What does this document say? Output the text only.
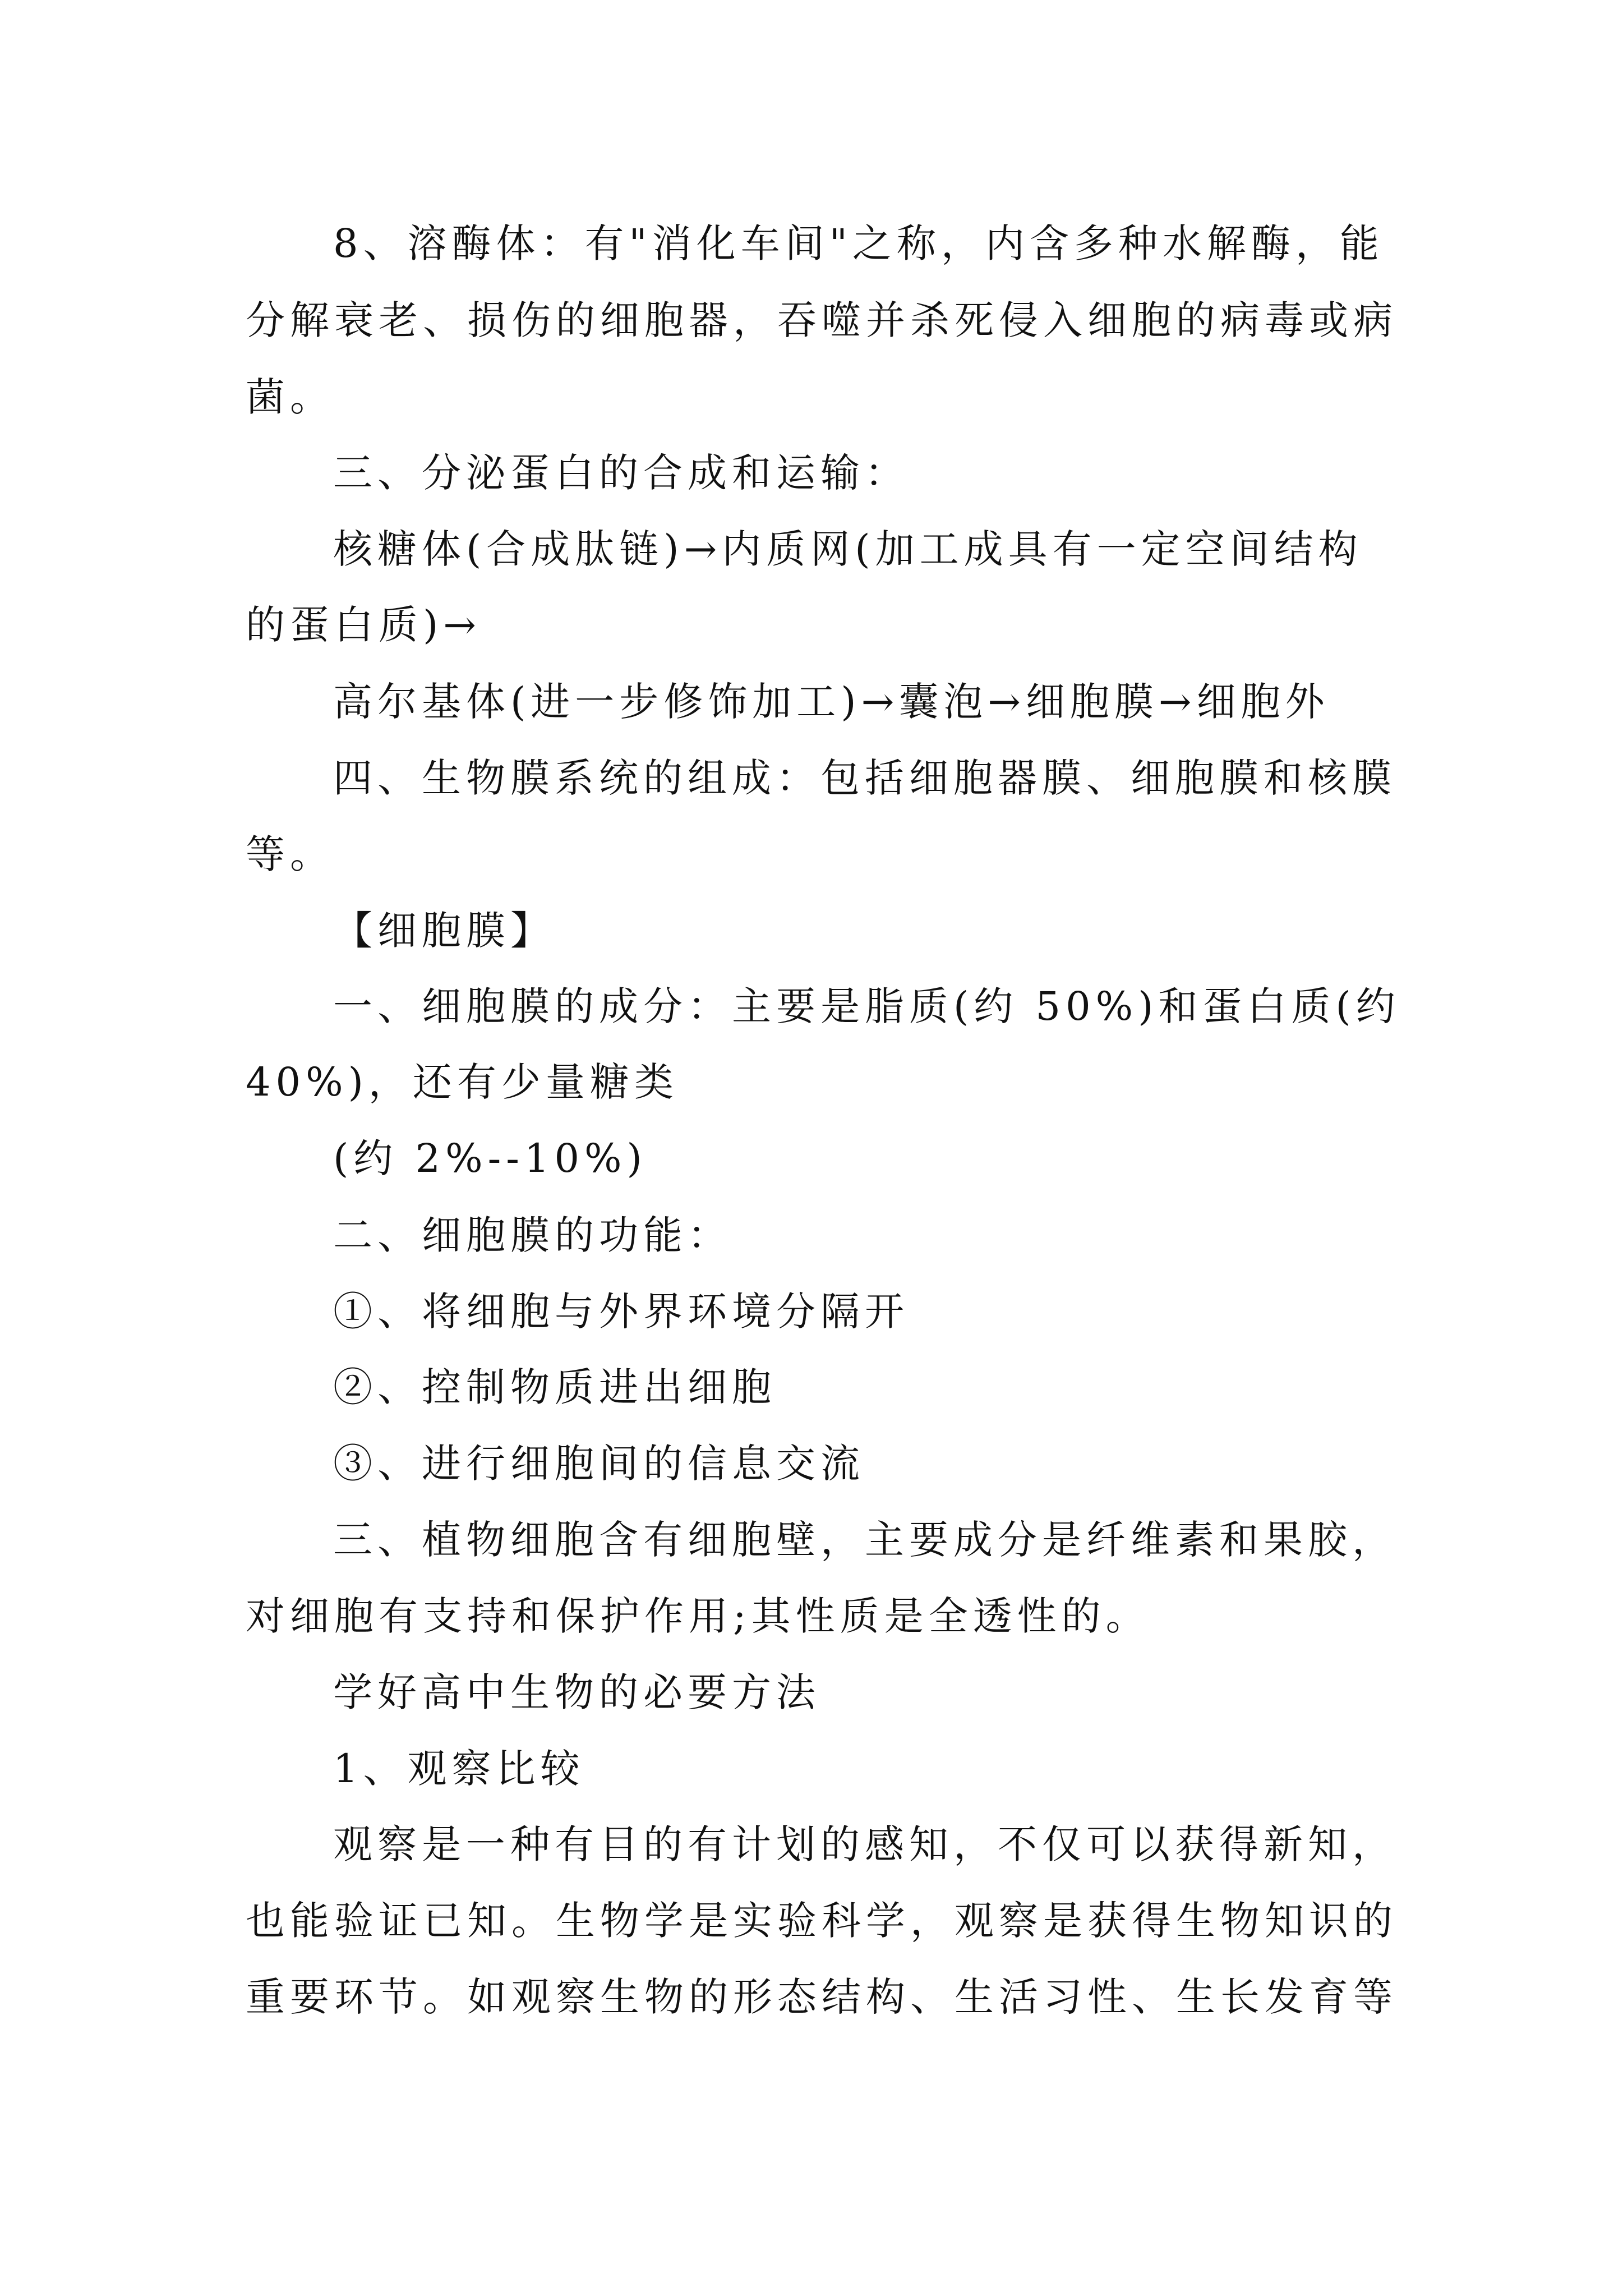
8、溶酶体：有"消化车间"之称，内含多种水解酶，能
分解衰老、损伤的细胞器，吞噬并杀死侵入细胞的病毒或病
菌。
三、分泌蛋白的合成和运输：
核糖体(合成肽链)→内质网(加工成具有一定空间结构
的蛋白质)→
高尔基体(进一步修饰加工)→囊泡→细胞膜→细胞外
四、生物膜系统的组成：包括细胞器膜、细胞膜和核膜
等。
【细胞膜】
一、细胞膜的成分：主要是脂质(约 50%)和蛋白质(约
40%)，还有少量糖类
(约 2%--10%)
二、细胞膜的功能：
①、将细胞与外界环境分隔开
②、控制物质进出细胞
③、进行细胞间的信息交流
三、植物细胞含有细胞壁，主要成分是纤维素和果胶，
对细胞有支持和保护作用;其性质是全透性的。
学好高中生物的必要方法
1、观察比较
观察是一种有目的有计划的感知，不仅可以获得新知，
也能验证已知。生物学是实验科学，观察是获得生物知识的
重要环节。如观察生物的形态结构、生活习性、生长发育等
